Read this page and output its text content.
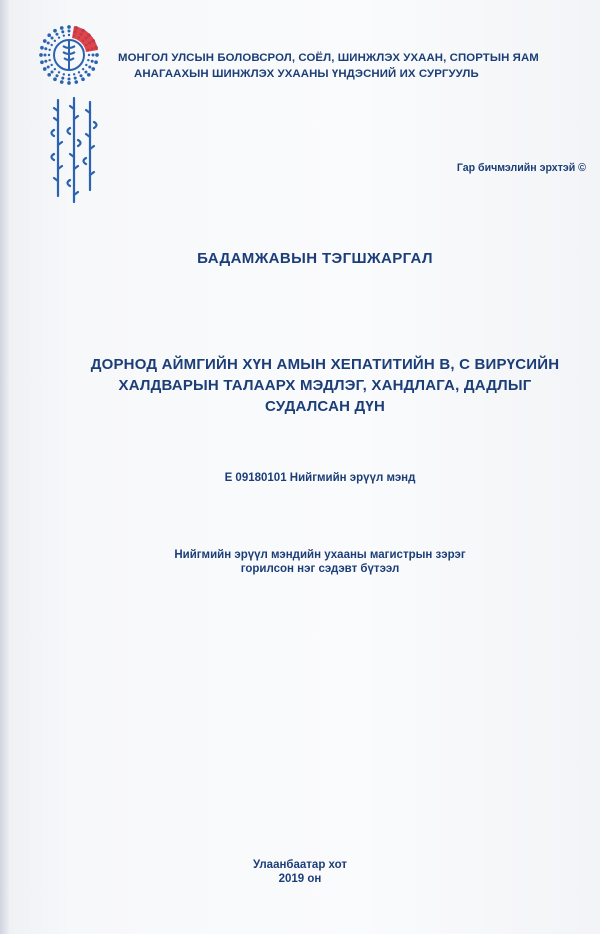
МОНГОЛ УЛСЫН БОЛОВСРОЛ, СОЁЛ, ШИНЖЛЭХ УХААН, СПОРТЫН ЯАМ
АНАГААХЫН ШИНЖЛЭХ УХААНЫ ҮНДЭСНИЙ ИХ СУРГУУЛЬ
Гар бичмэлийн эрхтэй ©
БАДАМЖАВЫН ТЭГШЖАРГАЛ
ДОРНОД АЙМГИЙН ХҮН АМЫН ХЕПАТИТИЙН В, С ВИРҮСИЙН
ХАЛДВАРЫН ТАЛААРХ МЭДЛЭГ, ХАНДЛАГА, ДАДЛЫГ
СУДАЛСАН ДҮН
E 09180101 Нийгмийн эрүүл мэнд
Нийгмийн эрүүл мэндийн ухааны магистрын зэрэг
горилсон нэг сэдэвт бүтээл
Улаанбаатар хот
2019 он
